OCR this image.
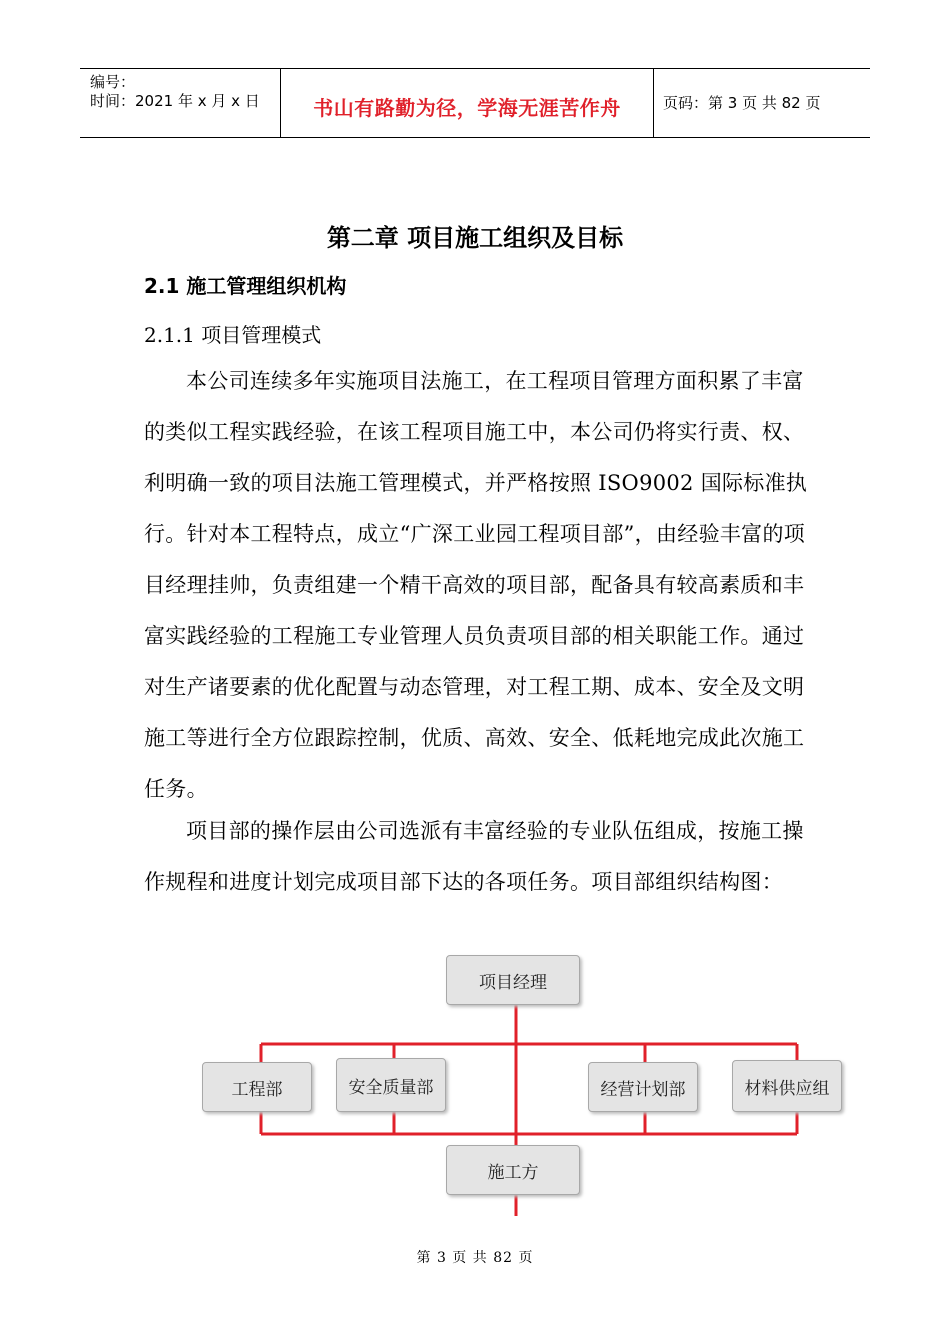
编号：
时间：2021 年 x 月 x 日	书山有路勤为径，学海无涯苦作舟	页码：第 3 页 共 82 页
第二章 项目施工组织及目标
2.1 施工管理组织机构
2.1.1 项目管理模式

本公司连续多年实施项目法施工，在工程项目管理方面积累了丰富的类似工程实践经验，在该工程项目施工中，本公司仍将实行责、权、利明确一致的项目法施工管理模式，并严格按照 ISO9002 国际标准执行。针对本工程特点，成立“广深工业园工程项目部”，由经验丰富的项目经理挂帅，负责组建一个精干高效的项目部，配备具有较高素质和丰富实践经验的工程施工专业管理人员负责项目部的相关职能工作。通过对生产诸要素的优化配置与动态管理，对工程工期、成本、安全及文明施工等进行全方位跟踪控制，优质、高效、安全、低耗地完成此次施工任务。

项目部的操作层由公司选派有丰富经验的专业队伍组成，按施工操作规程和进度计划完成项目部下达的各项任务。项目部组织结构图：

项目经理
工程部	安全质量部	经营计划部	材料供应组
施工方
第 3 页 共 82 页
